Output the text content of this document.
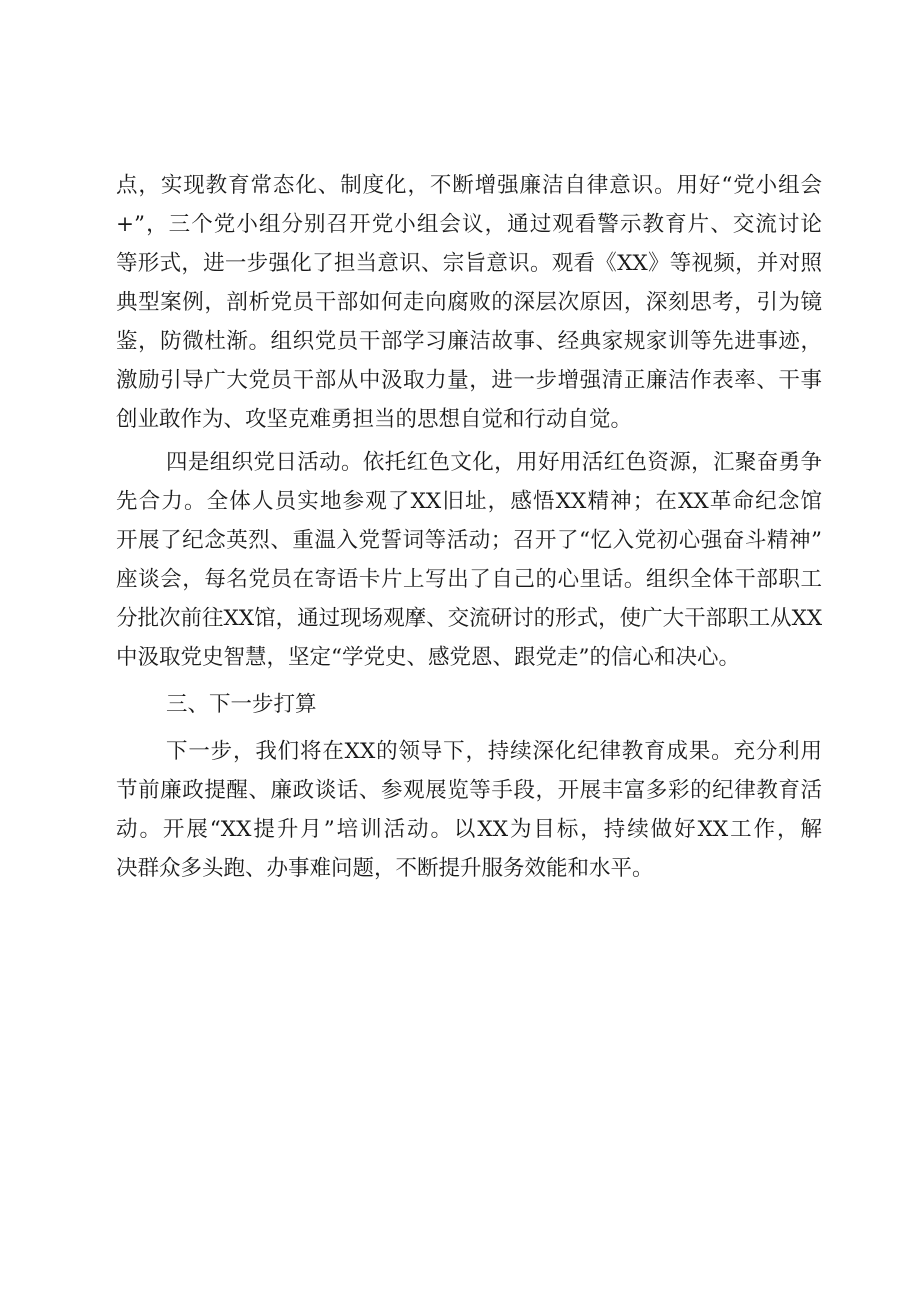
点，实现教育常态化、制度化，不断增强廉洁自律意识。用好“党小组会
+”，三个党小组分别召开党小组会议，通过观看警示教育片、交流讨论
等形式，进一步强化了担当意识、宗旨意识。观看《XX》等视频，并对照
典型案例，剖析党员干部如何走向腐败的深层次原因，深刻思考，引为镜
鉴，防微杜渐。组织党员干部学习廉洁故事、经典家规家训等先进事迹，
激励引导广大党员干部从中汲取力量，进一步增强清正廉洁作表率、干事
创业敢作为、攻坚克难勇担当的思想自觉和行动自觉。
四是组织党日活动。依托红色文化，用好用活红色资源，汇聚奋勇争
先合力。全体人员实地参观了XX旧址，感悟XX精神；在XX革命纪念馆
开展了纪念英烈、重温入党誓词等活动；召开了“忆入党初心强奋斗精神”
座谈会，每名党员在寄语卡片上写出了自己的心里话。组织全体干部职工
分批次前往XX馆，通过现场观摩、交流研讨的形式，使广大干部职工从XX
中汲取党史智慧，坚定“学党史、感党恩、跟党走”的信心和决心。
三、下一步打算
下一步，我们将在XX的领导下，持续深化纪律教育成果。充分利用
节前廉政提醒、廉政谈话、参观展览等手段，开展丰富多彩的纪律教育活
动。开展“XX提升月”培训活动。以XX为目标，持续做好XX工作，解
决群众多头跑、办事难问题，不断提升服务效能和水平。
